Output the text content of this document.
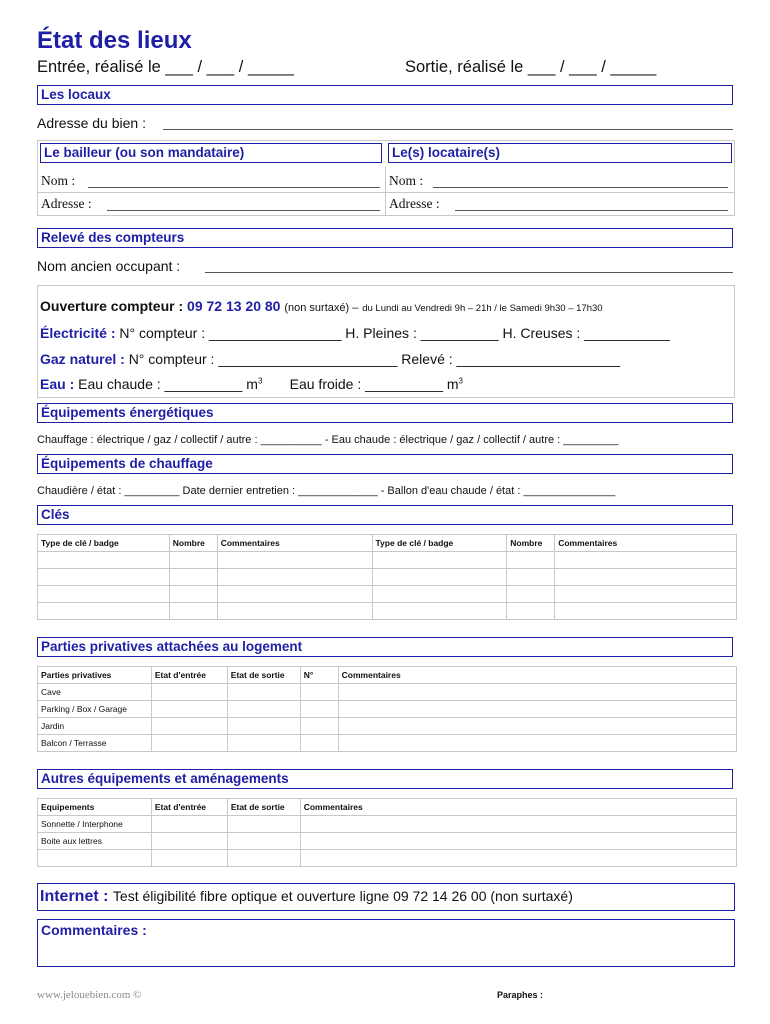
État des lieux
Entrée, réalisé le ___ / ___ / _____	Sortie, réalisé le ___ / ___ / _____
Les locaux
Adresse du bien :
Le bailleur (ou son mandataire)	Le(s) locataire(s)
Nom :
Adresse :
Nom :
Adresse :
Relevé des compteurs
Nom ancien occupant :
Ouverture compteur : 09 72 13 20 80 (non surtaxé) – du Lundi au Vendredi 9h – 21h / le Samedi 9h30 – 17h30
Électricité : N° compteur : _________________ H. Pleines : __________ H. Creuses : ___________
Gaz naturel : N° compteur : _______________________ Relevé : _____________________
Eau : Eau chaude : __________ $m^3$ Eau froide : __________ $m^3$
Équipements énergétiques
Chauffage : électrique / gaz / collectif / autre : __________ - Eau chaude : électrique / gaz / collectif / autre : _________
Équipements de chauffage
Chaudière / état : _________ Date dernier entretien : _____________ - Ballon d'eau chaude / état : _______________
Clés
Type de clé / badge	Nombre	Commentaires	Type de clé / badge	Nombre	Commentaires

Parties privatives attachées au logement
Parties privatives	Etat d'entrée	Etat de sortie	N°	Commentaires
Cave				
Parking / Box / Garage				
Jardin				
Balcon / Terrasse				
Autres équipements et aménagements
Equipements	Etat d'entrée	Etat de sortie	Commentaires
Sonnette / Interphone			
Boite aux lettres			

Internet : Test éligibilité fibre optique et ouverture ligne 09 72 14 26 00 (non surtaxé)
Commentaires :
www.jelouebien.com ©	Paraphes :
